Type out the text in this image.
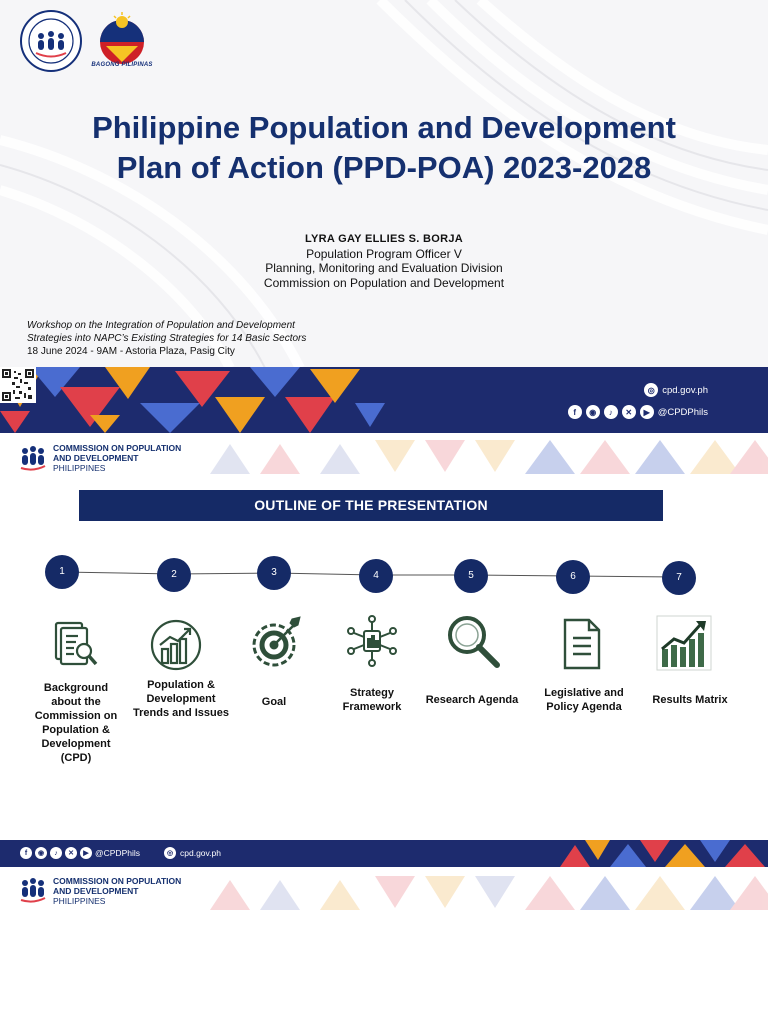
BAGONG PILIPINAS
Philippine Population and Development
Plan of Action (PPD-POA) 2023-2028
LYRA GAY ELLIES S. BORJA
Population Program Officer V
Planning, Monitoring and Evaluation Division
Commission on Population and Development
Workshop on the Integration of Population and Development
Strategies into NAPC’s Existing Strategies for 14 Basic Sectors
18 June 2024 - 9AM - Astoria Plaza, Pasig City
◎ cpd.gov.ph
f	◉	♪	✕	▶ @CPDPhils
COMMISSION ON POPULATION
AND DEVELOPMENT
PHILIPPINES
OUTLINE OF THE PRESENTATION
1	2	3	4	5	6	7
Background about the Commission on Population & Development (CPD)
Population & Development Trends and Issues
Goal
Strategy Framework
Research Agenda
Legislative and Policy Agenda
Results Matrix
f	◉	♪	✕	▶ @CPDPhils	◎ cpd.gov.ph
COMMISSION ON POPULATION
AND DEVELOPMENT
PHILIPPINES
